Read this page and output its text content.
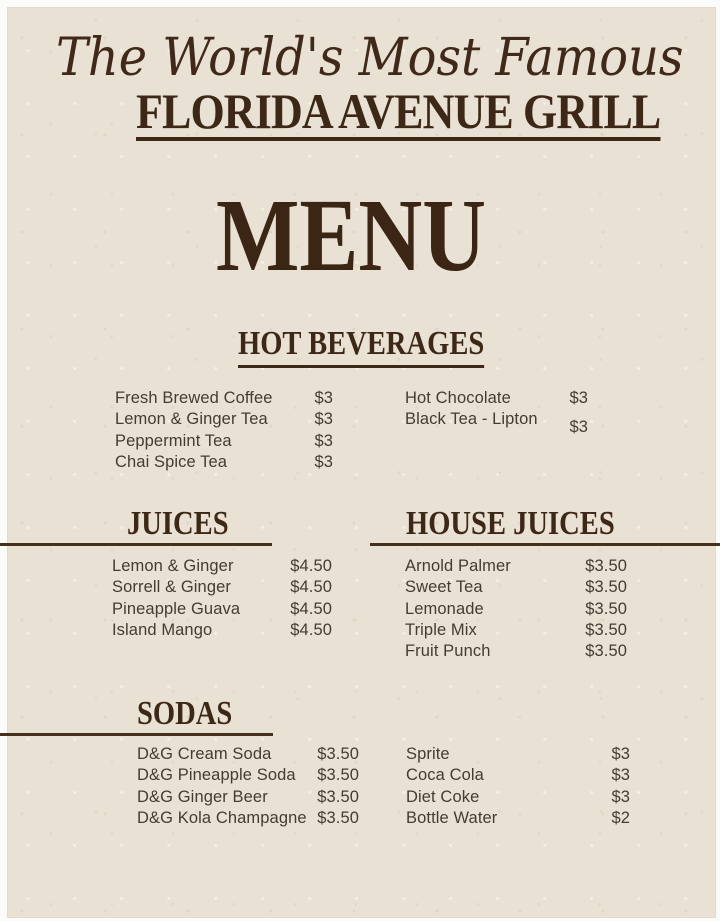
The World's Most Famous
FLORIDA AVENUE GRILL
MENU
HOT BEVERAGES
Fresh Brewed Coffee	$3
Lemon & Ginger Tea	$3
Peppermint Tea	$3
Chai Spice Tea	$3
Hot Chocolate	$3
Black Tea - Lipton $3
JUICES
Lemon & Ginger	$4.50
Sorrell & Ginger	$4.50
Pineapple Guava	$4.50
Island Mango	$4.50
HOUSE JUICES
Arnold Palmer	$3.50
Sweet Tea	$3.50
Lemonade	$3.50
Triple Mix	$3.50
Fruit Punch	$3.50
SODAS
D&G Cream Soda	$3.50
D&G Pineapple Soda $3.50
D&G Ginger Beer	$3.50
D&G Kola Champagne $3.50
Sprite	$3
Coca Cola	$3
Diet Coke	$3
Bottle Water	$2
